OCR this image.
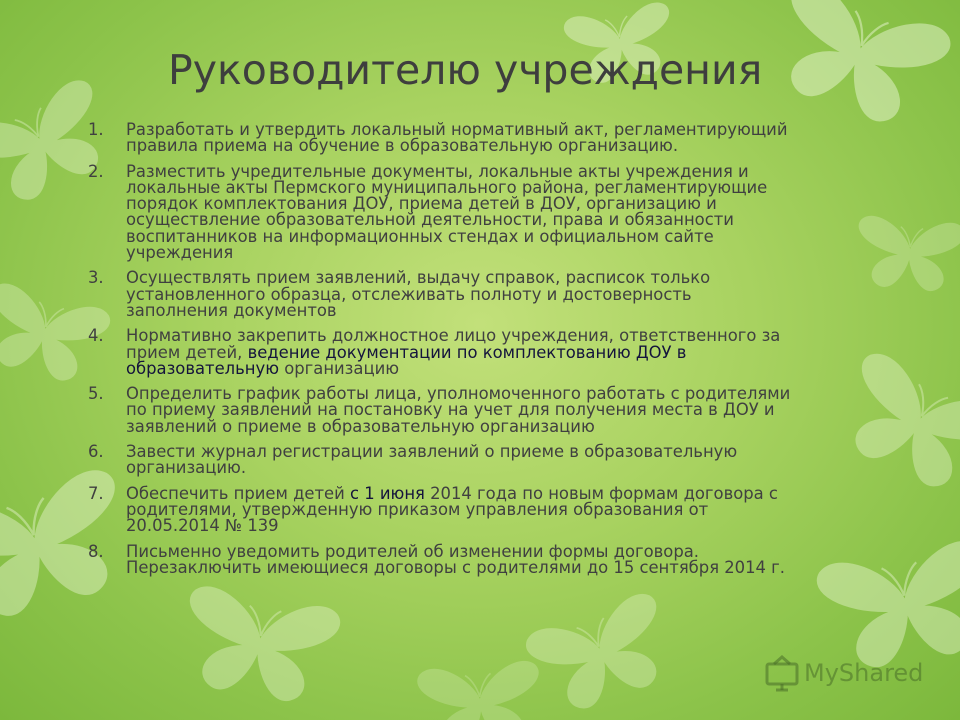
Руководителю учреждения
1.	Разработать и утвердить локальный нормативный акт, регламентирующий
правила приема на обучение в образовательную организацию.
2.	Разместить учредительные документы, локальные акты учреждения и
локальные акты Пермского муниципального района, регламентирующие
порядок комплектования ДОУ, приема детей в ДОУ, организацию и
осуществление образовательной деятельности, права и обязанности
воспитанников на информационных стендах и официальном сайте
учреждения
3.	Осуществлять прием заявлений, выдачу справок, расписок только
установленного образца, отслеживать полноту и достоверность
заполнения документов
4.	Нормативно закрепить должностное лицо учреждения, ответственного за
прием детей, ведение документации по комплектованию ДОУ в
образовательную организацию
5.	Определить график работы лица, уполномоченного работать с родителями
по приему заявлений на постановку на учет для получения места в ДОУ и
заявлений о приеме в образовательную организацию
6.	Завести журнал регистрации заявлений о приеме в образовательную
организацию.
7.	Обеспечить прием детей с 1 июня 2014 года по новым формам договора с
родителями, утвержденную приказом управления образования от
20.05.2014 № 139
8.	Письменно уведомить родителей об изменении формы договора.
Перезаключить имеющиеся договоры с родителями до 15 сентября 2014 г.
MyShared
